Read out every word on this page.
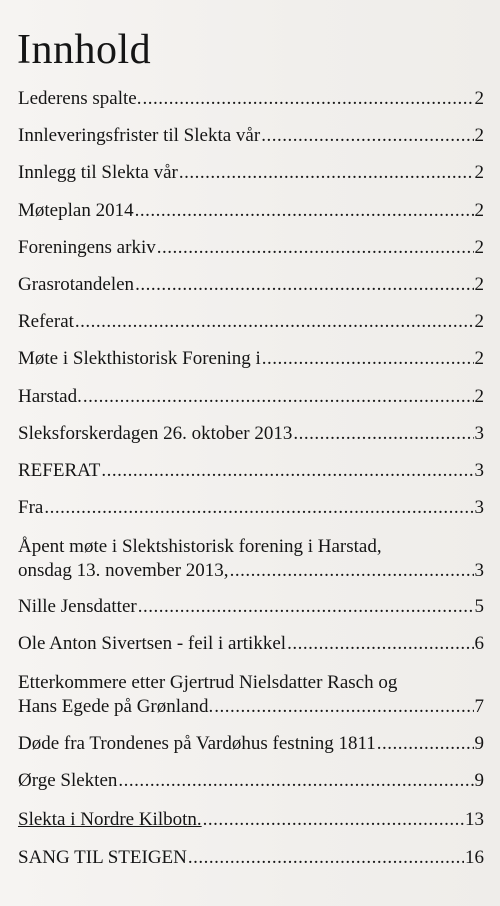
Innhold
Lederens spalte. .....	2
Innleveringsfrister til Slekta vår .....	2
Innlegg til Slekta vår .....	2
Møteplan 2014 .....	2
Foreningens arkiv .....	2
Grasrotandelen .....	2
Referat .....	2
Møte i Slekthistorisk Forening i .....	2
Harstad. .....	2
Sleksforskerdagen 26. oktober 2013 .....	3
REFERAT .....	3
Fra .....	3
Åpent møte i Slektshistorisk forening i Harstad,
onsdag 13. november 2013, .....	3
Nille Jensdatter .....	5
Ole Anton Sivertsen - feil i artikkel .....	6
Etterkommere etter Gjertrud Nielsdatter Rasch og
Hans Egede på Grønland. .....	7
Døde fra Trondenes på Vardøhus festning 1811 .....	9
Ørge Slekten .....	9
Slekta i Nordre Kilbotn. .....	13
SANG TIL STEIGEN .....	16
